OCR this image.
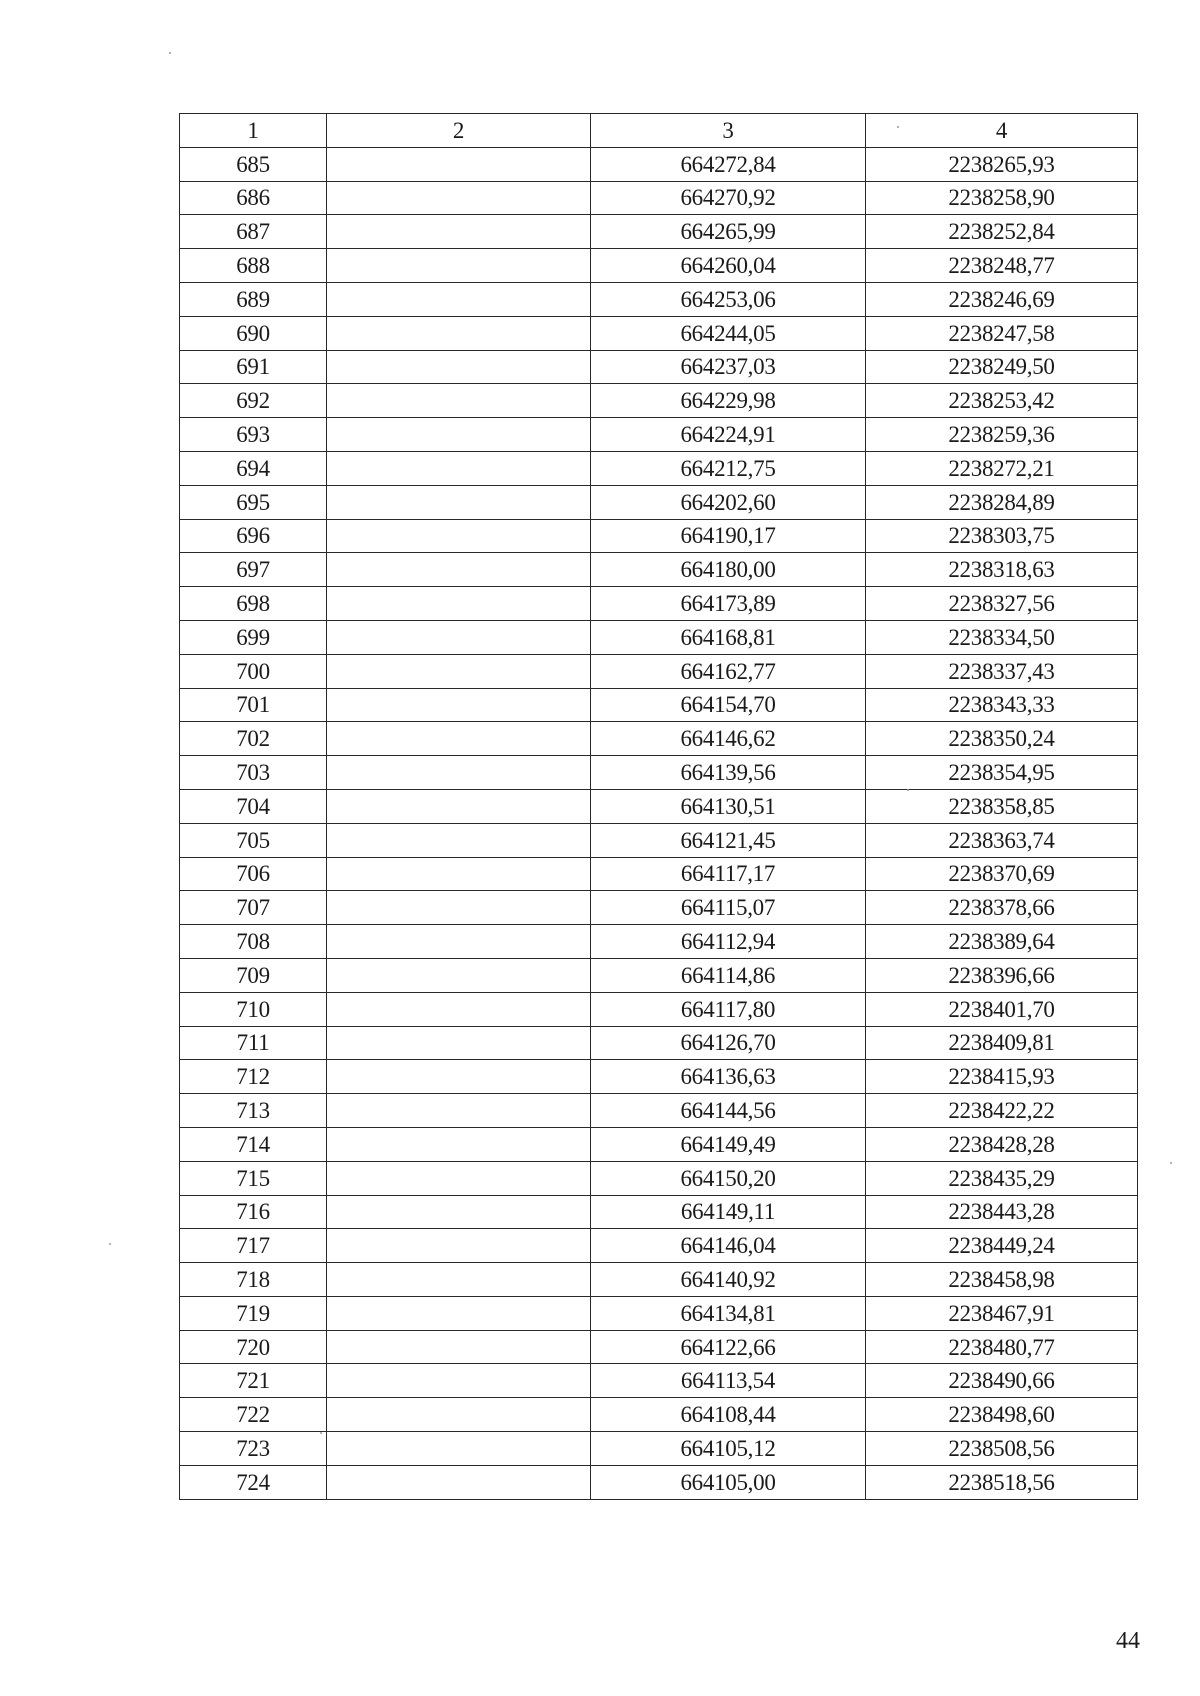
1	2	3	4
685		664272,84	2238265,93
686		664270,92	2238258,90
687		664265,99	2238252,84
688		664260,04	2238248,77
689		664253,06	2238246,69
690		664244,05	2238247,58
691		664237,03	2238249,50
692		664229,98	2238253,42
693		664224,91	2238259,36
694		664212,75	2238272,21
695		664202,60	2238284,89
696		664190,17	2238303,75
697		664180,00	2238318,63
698		664173,89	2238327,56
699		664168,81	2238334,50
700		664162,77	2238337,43
701		664154,70	2238343,33
702		664146,62	2238350,24
703		664139,56	2238354,95
704		664130,51	2238358,85
705		664121,45	2238363,74
706		664117,17	2238370,69
707		664115,07	2238378,66
708		664112,94	2238389,64
709		664114,86	2238396,66
710		664117,80	2238401,70
711		664126,70	2238409,81
712		664136,63	2238415,93
713		664144,56	2238422,22
714		664149,49	2238428,28
715		664150,20	2238435,29
716		664149,11	2238443,28
717		664146,04	2238449,24
718		664140,92	2238458,98
719		664134,81	2238467,91
720		664122,66	2238480,77
721		664113,54	2238490,66
722		664108,44	2238498,60
723		664105,12	2238508,56
724		664105,00	2238518,56
44
